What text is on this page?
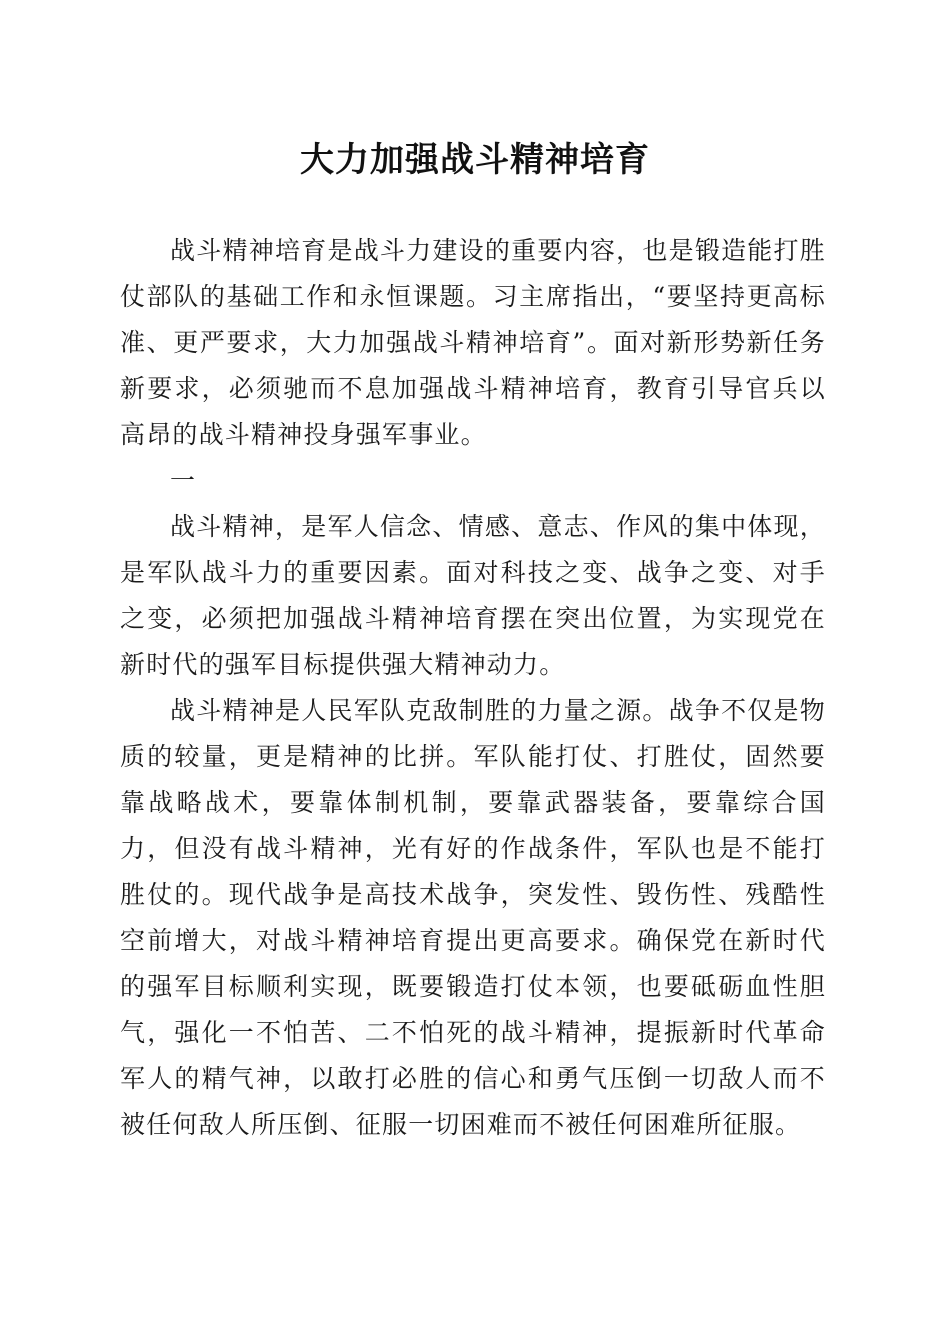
大力加强战斗精神培育

战斗精神培育是战斗力建设的重要内容，也是锻造能打胜仗部队的基础工作和永恒课题。习主席指出，“要坚持更高标准、更严要求，大力加强战斗精神培育”。面对新形势新任务新要求，必须驰而不息加强战斗精神培育，教育引导官兵以高昂的战斗精神投身强军事业。

一

战斗精神，是军人信念、情感、意志、作风的集中体现，是军队战斗力的重要因素。面对科技之变、战争之变、对手之变，必须把加强战斗精神培育摆在突出位置，为实现党在新时代的强军目标提供强大精神动力。

战斗精神是人民军队克敌制胜的力量之源。战争不仅是物质的较量，更是精神的比拼。军队能打仗、打胜仗，固然要靠战略战术，要靠体制机制，要靠武器装备，要靠综合国力，但没有战斗精神，光有好的作战条件，军队也是不能打胜仗的。现代战争是高技术战争，突发性、毁伤性、残酷性空前增大，对战斗精神培育提出更高要求。确保党在新时代的强军目标顺利实现，既要锻造打仗本领，也要砥砺血性胆气，强化一不怕苦、二不怕死的战斗精神，提振新时代革命军人的精气神，以敢打必胜的信心和勇气压倒一切敌人而不被任何敌人所压倒、征服一切困难而不被任何困难所征服。
